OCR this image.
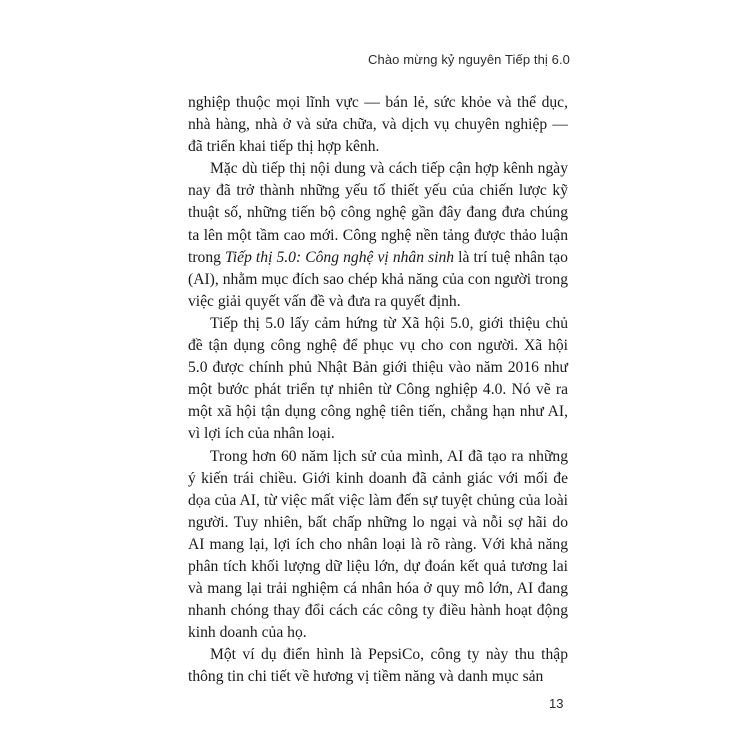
Chào mừng kỷ nguyên Tiếp thị 6.0

nghiệp thuộc mọi lĩnh vực — bán lẻ, sức khỏe và thể dục, nhà hàng, nhà ở và sửa chữa, và dịch vụ chuyên nghiệp — đã triển khai tiếp thị hợp kênh.

Mặc dù tiếp thị nội dung và cách tiếp cận hợp kênh ngày nay đã trở thành những yếu tố thiết yếu của chiến lược kỹ thuật số, những tiến bộ công nghệ gần đây đang đưa chúng ta lên một tầm cao mới. Công nghệ nền tảng được thảo luận trong Tiếp thị 5.0: Công nghệ vị nhân sinh là trí tuệ nhân tạo (AI), nhằm mục đích sao chép khả năng của con người trong việc giải quyết vấn đề và đưa ra quyết định.

Tiếp thị 5.0 lấy cảm hứng từ Xã hội 5.0, giới thiệu chủ đề tận dụng công nghệ để phục vụ cho con người. Xã hội 5.0 được chính phủ Nhật Bản giới thiệu vào năm 2016 như một bước phát triển tự nhiên từ Công nghiệp 4.0. Nó vẽ ra một xã hội tận dụng công nghệ tiên tiến, chẳng hạn như AI, vì lợi ích của nhân loại.

Trong hơn 60 năm lịch sử của mình, AI đã tạo ra những ý kiến trái chiều. Giới kinh doanh đã cảnh giác với mối đe dọa của AI, từ việc mất việc làm đến sự tuyệt chủng của loài người. Tuy nhiên, bất chấp những lo ngại và nỗi sợ hãi do AI mang lại, lợi ích cho nhân loại là rõ ràng. Với khả năng phân tích khối lượng dữ liệu lớn, dự đoán kết quả tương lai và mang lại trải nghiệm cá nhân hóa ở quy mô lớn, AI đang nhanh chóng thay đổi cách các công ty điều hành hoạt động kinh doanh của họ.

Một ví dụ điển hình là PepsiCo, công ty này thu thập thông tin chi tiết về hương vị tiềm năng và danh mục sản

13
